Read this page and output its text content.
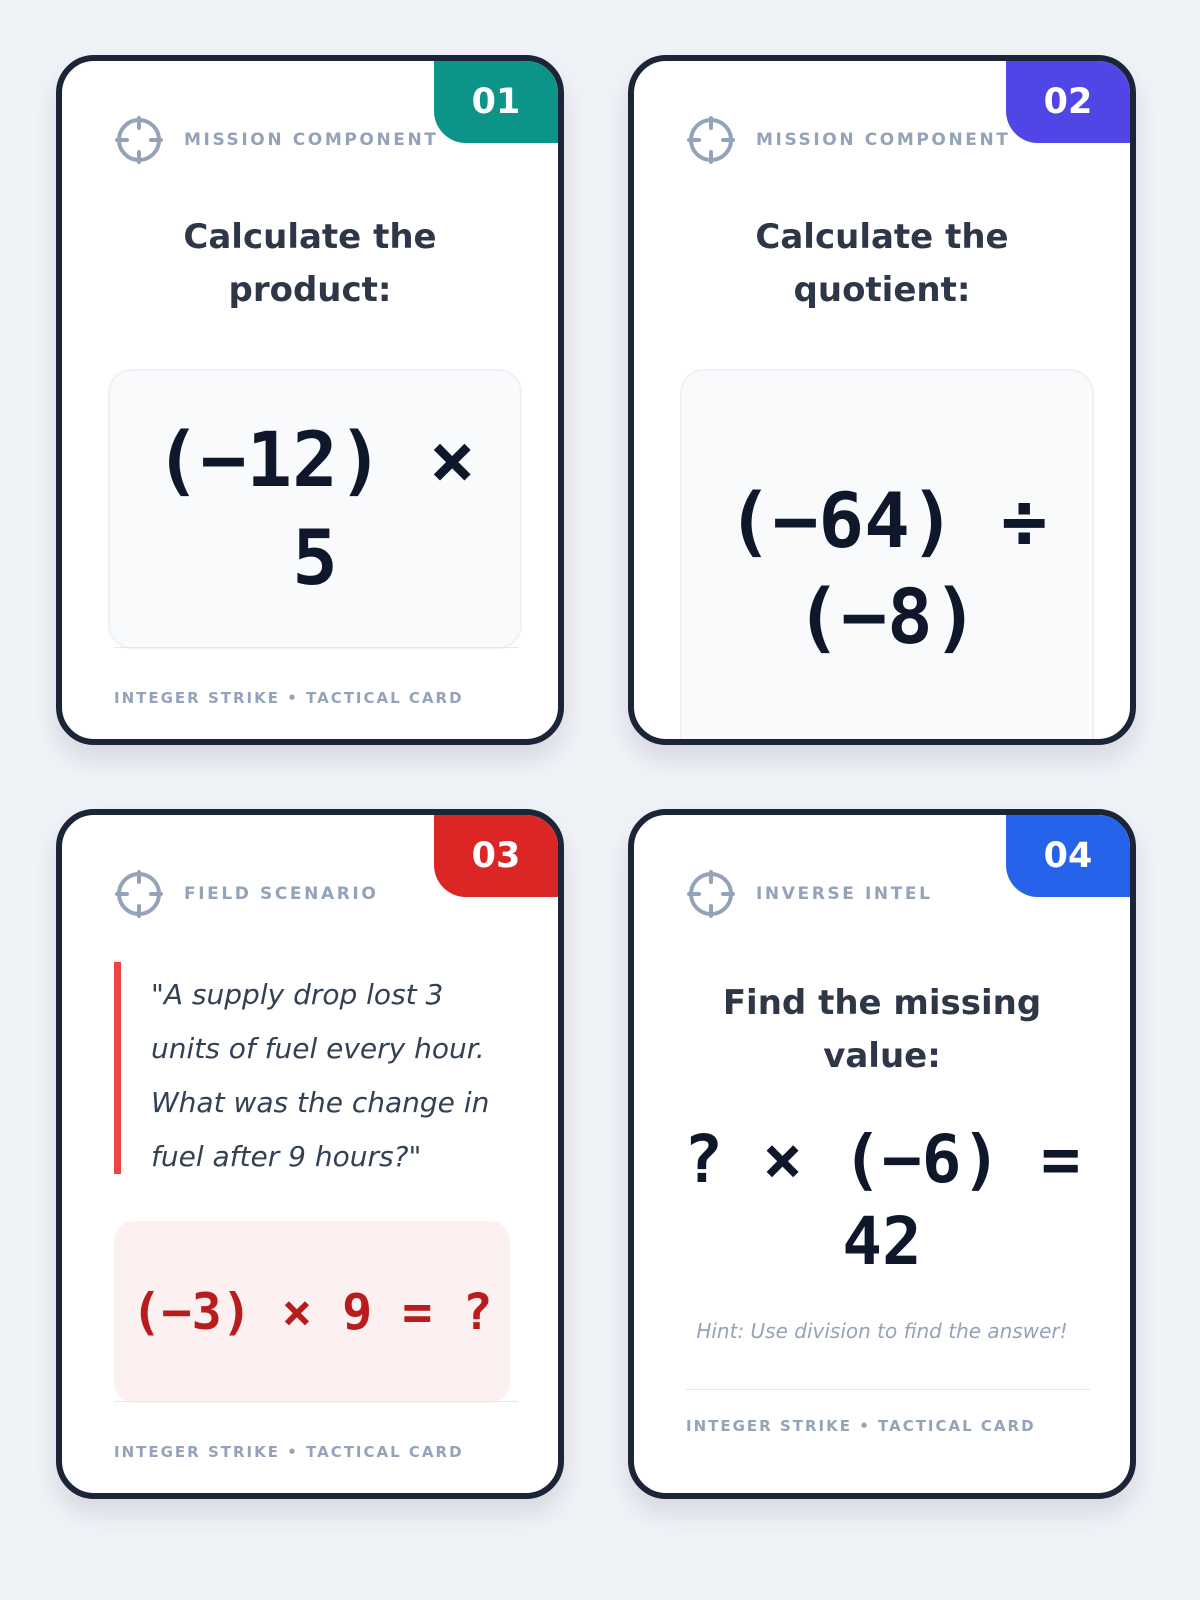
01
MISSION COMPONENT
Calculate the product:
(−12) × 5
INTEGER STRIKE • TACTICAL CARD
02
MISSION COMPONENT
Calculate the quotient:
(−64) ÷ (−8)
03
FIELD SCENARIO
"A supply drop lost 3 units of fuel every hour. What was the change in fuel after 9 hours?"
(−3) × 9 = ?
INTEGER STRIKE • TACTICAL CARD
04
INVERSE INTEL
Find the missing value:
? × (−6) = 42
Hint: Use division to find the answer!
INTEGER STRIKE • TACTICAL CARD
